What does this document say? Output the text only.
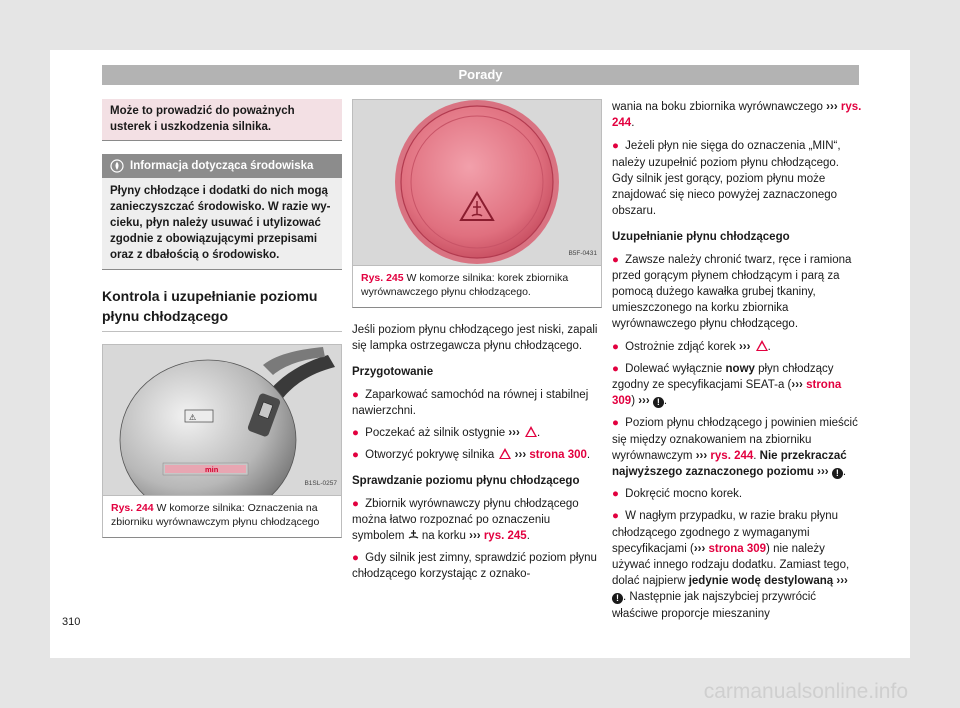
Porady
Może to prowadzić do poważnych usterek i uszkodzenia silnika.
Informacja dotycząca środowiska
Płyny chłodzące i dodatki do nich mogą zanieczyszczać środowisko. W razie wycieku, płyn należy usuwać i utylizować zgodnie z obowiązującymi przepisami oraz z dbałością o środowisko.
Kontrola i uzupełnianie poziomu płynu chłodzącego
min
⚠
B1SL-0257
Rys. 244 W komorze silnika: Oznaczenia na zbiorniku wyrównawczym płynu chłodzącego
B5F-0431
Rys. 245 W komorze silnika: korek zbiornika wyrównawczego płynu chłodzącego.

Jeśli poziom płynu chłodzącego jest niski, zapali się lampka ostrzegawcza płynu chłodzącego.

Przygotowanie
● Zaparkować samochód na równej i stabilnej nawierzchni.
● Poczekać aż silnik ostygnie ››› .
● Otworzyć pokrywę silnika ››› strona 300.
Sprawdzanie poziomu płynu chłodzącego
● Zbiornik wyrównawczy płynu chłodzącego można łatwo rozpoznać po oznaczeniu symbolem na korku ››› rys. 245.
● Gdy silnik jest zimny, sprawdzić poziom płynu chłodzącego korzystając z oznako-

wania na boku zbiornika wyrównawczego ››› rys. 244.

● Jeżeli płyn nie sięga do oznaczenia „MIN“, należy uzupełnić poziom płynu chłodzącego. Gdy silnik jest gorący, poziom płynu może znajdować się nieco powyżej zaznaczonego obszaru.
Uzupełnianie płynu chłodzącego
● Zawsze należy chronić twarz, ręce i ramiona przed gorącym płynem chłodzącym i parą za pomocą dużego kawałka grubej tkaniny, umieszczonego na korku zbiornika wyrównawczego płynu chłodzącego.
● Ostrożnie zdjąć korek ››› .
● Dolewać wyłącznie nowy płyn chłodzący zgodny ze specyfikacjami SEAT-a (››› strona 309) ››› ! .
● Poziom płynu chłodzącego j powinien mieścić się między oznakowaniem na zbiorniku wyrównawczym ››› rys. 244. Nie przekraczać najwyższego zaznaczonego poziomu ››› ! .
● Dokręcić mocno korek.
● W nagłym przypadku, w razie braku płynu chłodzącego zgodnego z wymaganymi specyfikacjami (››› strona 309) nie należy używać innego rodzaju dodatku. Zamiast tego, dolać najpierw jedynie wodę destylowaną ››› ! . Następnie jak najszybciej przywrócić właściwe proporcje mieszaniny
310
carmanualsonline.info
